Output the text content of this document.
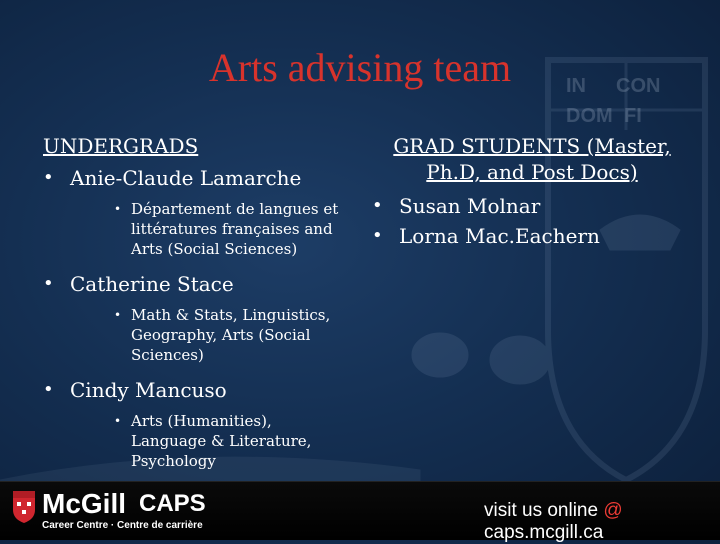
IN
DOM
CON
FI
Arts advising team
UNDERGRADS
• Anie-Claude Lamarche
• Département de langues et
littératures françaises and
Arts (Social Sciences)
• Catherine Stace
• Math & Stats, Linguistics,
Geography, Arts (Social
Sciences)
• Cindy Mancuso
• Arts (Humanities),
Language & Literature,
Psychology
GRAD STUDENTS (Master,
Ph.D, and Post Docs)
• Susan Molnar
• Lorna Mac.Eachern
McGill CAPS
Career Centre · Centre de carrière
visit us online @ caps.mcgill.ca
